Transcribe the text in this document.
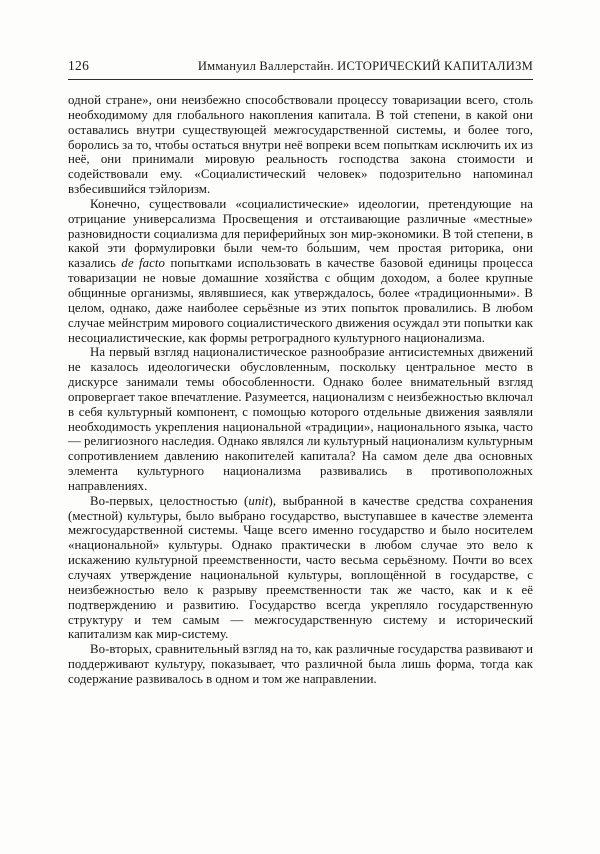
126	Иммануил Валлерстайн. ИСТОРИЧЕСКИЙ КАПИТАЛИЗМ

одной стране», они неизбежно способствовали процессу товаризации всего, столь необходимому для глобального накопления капитала. В той степени, в какой они оставались внутри существующей межгосударственной системы, и более того, боролись за то, чтобы остаться внутри неё вопреки всем попыткам исключить их из неё, они принимали мировую реальность господства закона стоимости и содействовали ему. «Социалистический человек» подозрительно напоминал взбесившийся тэйлоризм.

Конечно, существовали «социалистические» идеологии, претендующие на отрицание универсализма Просвещения и отстаивающие различные «местные» разновидности социализма для периферийных зон мир-экономики. В той степени, в какой эти формулировки были чем-то бо́льшим, чем простая риторика, они казались de facto попытками использовать в качестве базовой единицы процесса товаризации не новые домашние хозяйства с общим доходом, а более крупные общинные организмы, являвшиеся, как утверждалось, более «традиционными». В целом, однако, даже наиболее серьёзные из этих попыток провалились. В любом случае мейнстрим мирового социалистического движения осуждал эти попытки как несоциалистические, как формы ретроградного культурного национализма.

На первый взгляд националистическое разнообразие антисистемных движений не казалось идеологически обусловленным, поскольку центральное место в дискурсе занимали темы обособленности. Однако более внимательный взгляд опровергает такое впечатление. Разумеется, национализм с неизбежностью включал в себя культурный компонент, с помощью которого отдельные движения заявляли необходимость укрепления национальной «традиции», национального языка, часто — религиозного наследия. Однако являлся ли культурный национализм культурным сопротивлением давлению накопителей капитала? На самом деле два основных элемента культурного национализма развивались в противоположных направлениях.

Во-первых, целостностью (unit), выбранной в качестве средства сохранения (местной) культуры, было выбрано государство, выступавшее в качестве элемента межгосударственной системы. Чаще всего именно государство и было носителем «национальной» культуры. Однако практически в любом случае это вело к искажению культурной преемственности, часто весьма серьёзному. Почти во всех случаях утверждение национальной культуры, воплощённой в государстве, с неизбежностью вело к разрыву преемственности так же часто, как и к её подтверждению и развитию. Государство всегда укрепляло государственную структуру и тем самым — межгосударственную систему и исторический капитализм как мир-систему.

Во-вторых, сравнительный взгляд на то, как различные государства развивают и поддерживают культуру, показывает, что различной была лишь форма, тогда как содержание развивалось в одном и том же направлении.
